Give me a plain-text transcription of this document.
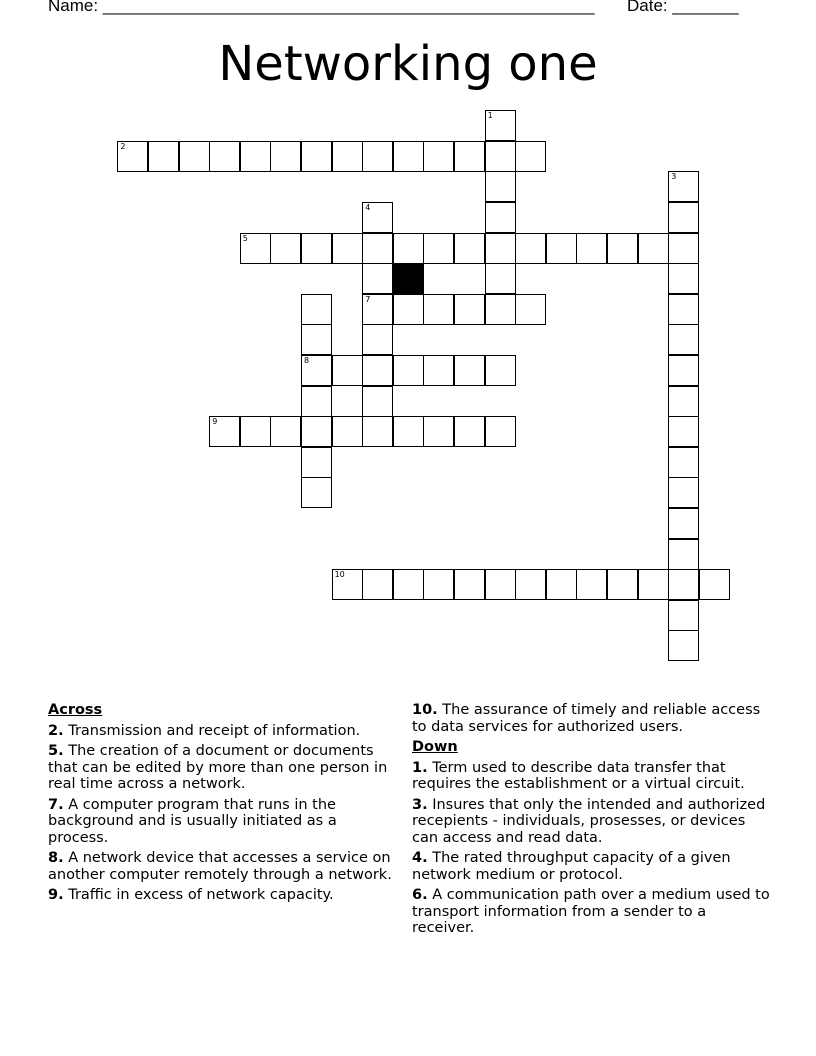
Name: ____________________________________________________ Date: _______
Networking one
2
1
3
4
7
5
8
9
10
Across
2. Transmission and receipt of information.
5. The creation of a document or documents that can be edited by more than one person in real time across a network.
7. A computer program that runs in the background and is usually initiated as a process.
8. A network device that accesses a service on another computer remotely through a network.
9. Traffic in excess of network capacity.
10. The assurance of timely and reliable access to data services for authorized users.
Down
1. Term used to describe data transfer that requires the establishment or a virtual circuit.
3. Insures that only the intended and authorized recepients - individuals, prosesses, or devices can access and read data.
4. The rated throughput capacity of a given network medium or protocol.
6. A communication path over a medium used to transport information from a sender to a receiver.
